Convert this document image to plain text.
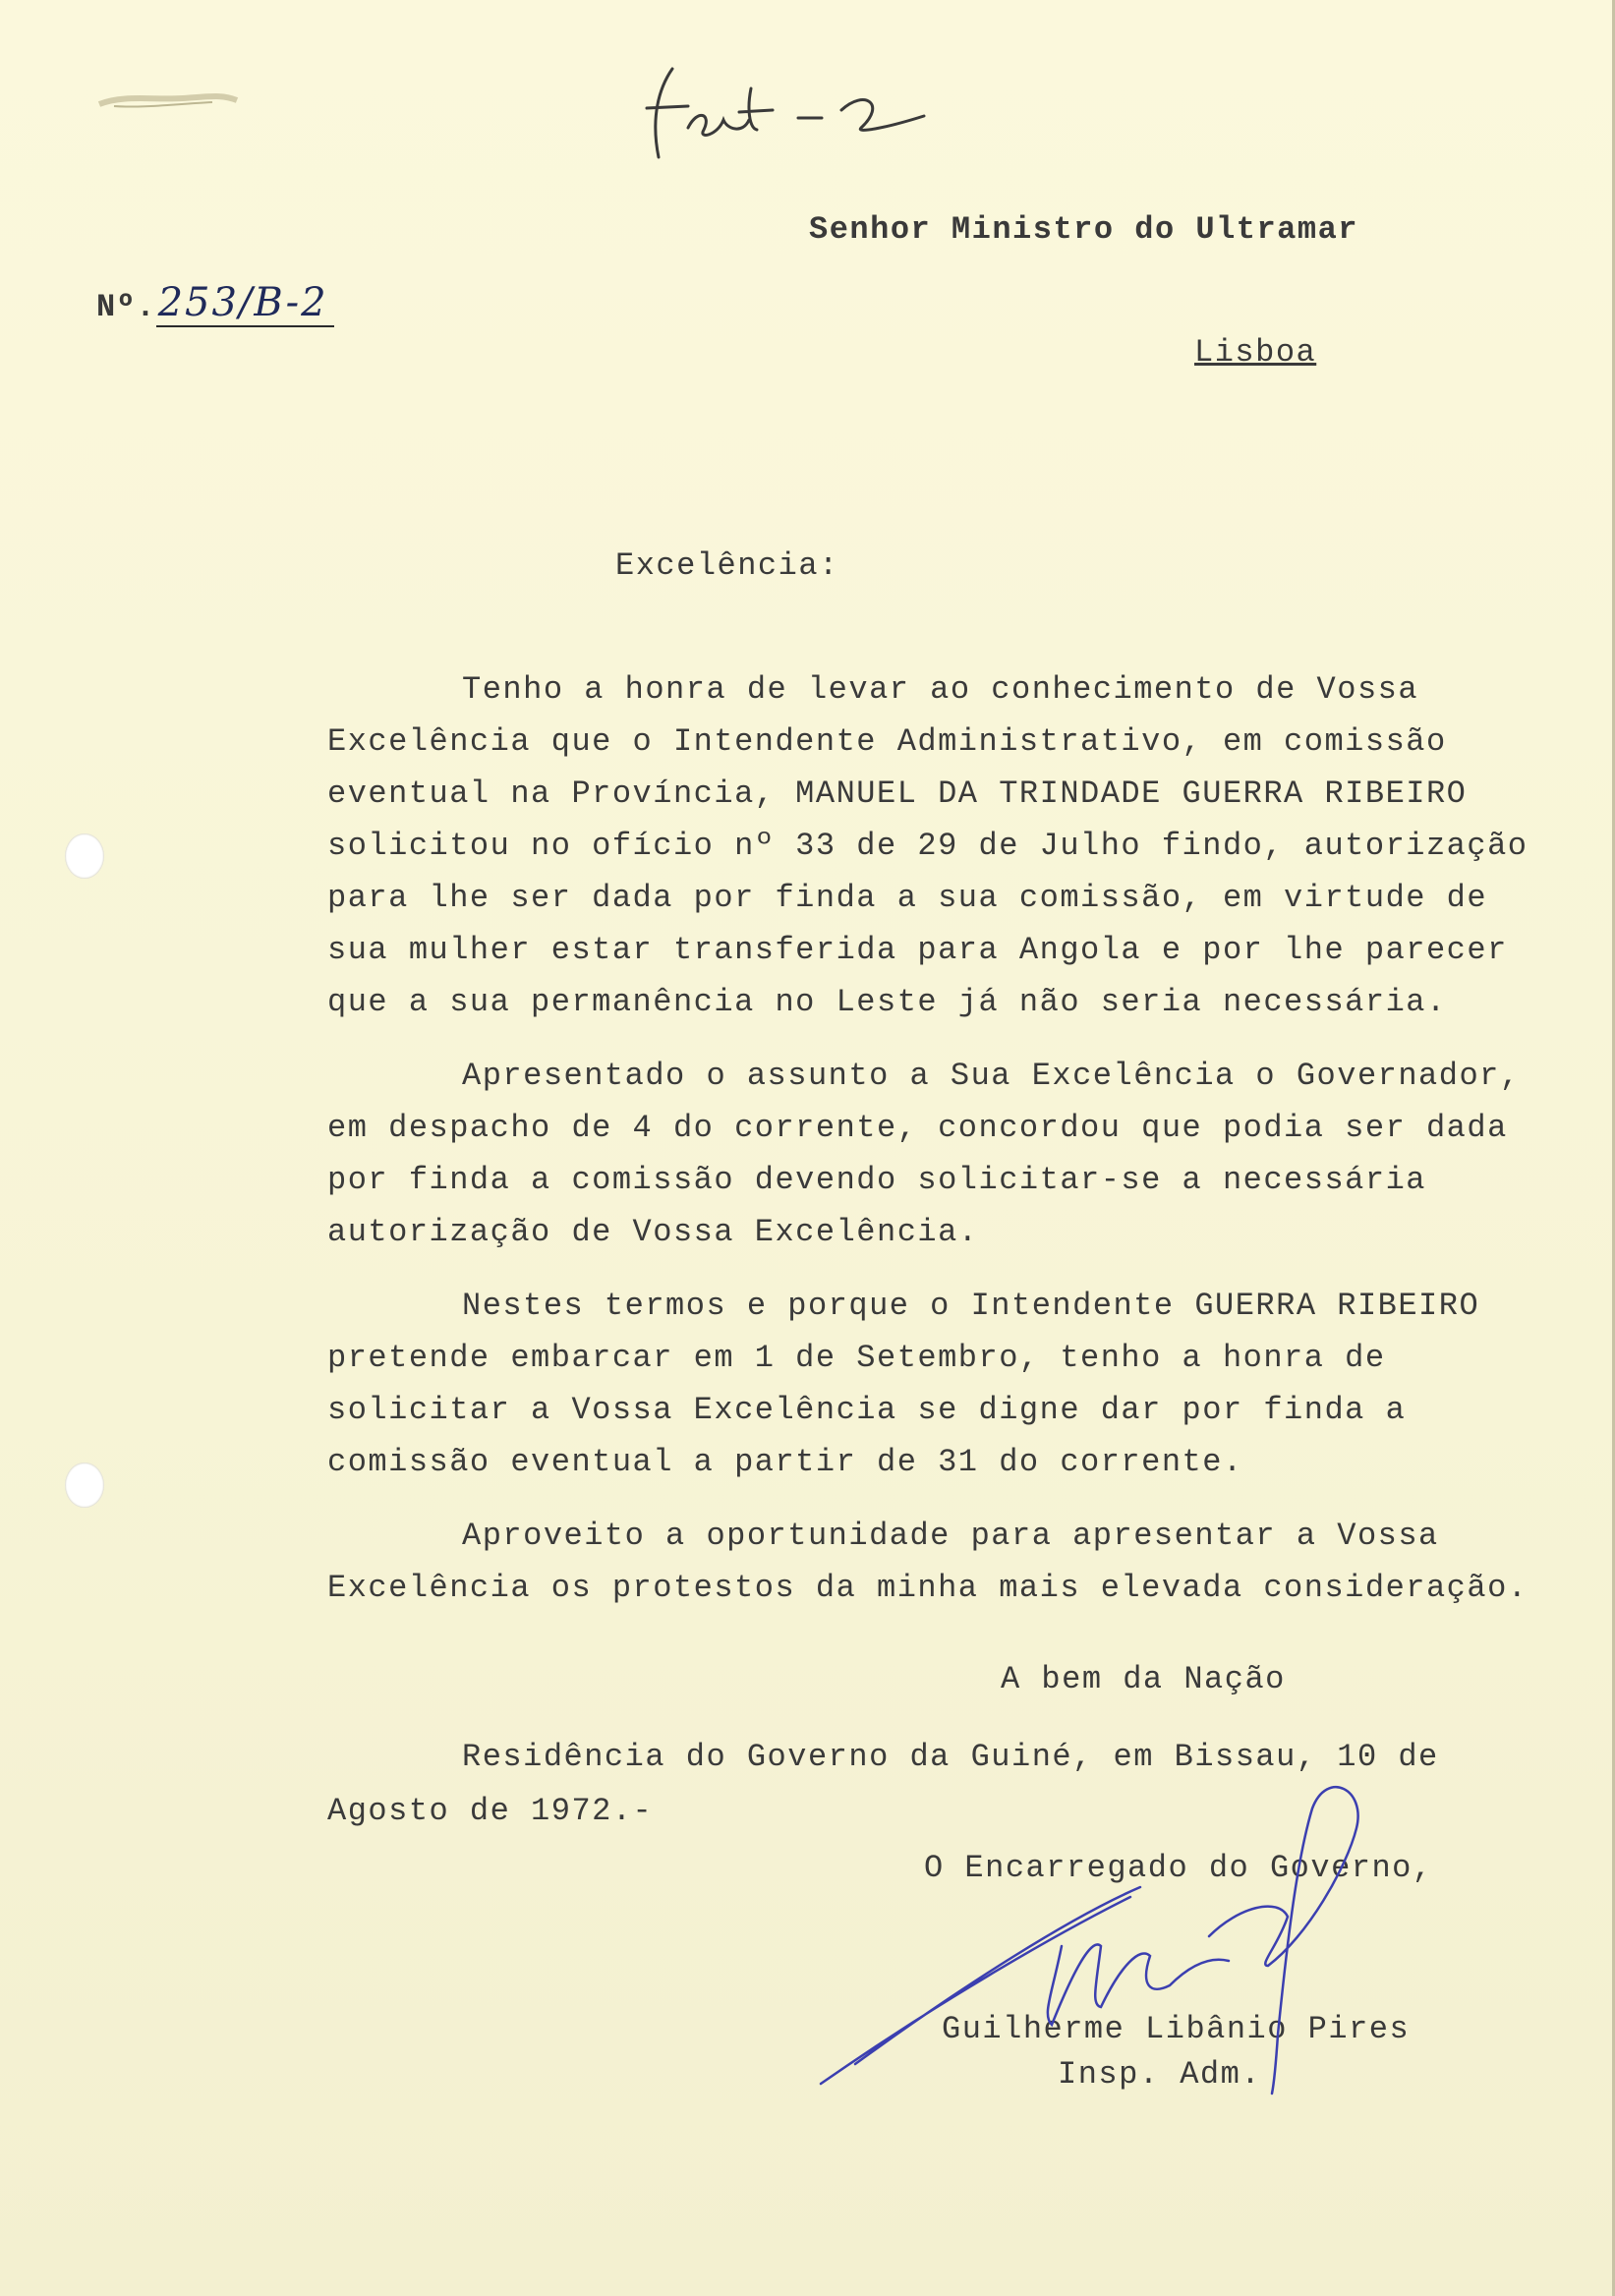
Nº.253/B-2
Senhor Ministro do Ultramar
Lisboa
Excelência:

Tenho a honra de levar ao conhecimento de Vossa Excelência que o Intendente Administrativo, em comissão eventual na Província, MANUEL DA TRINDADE GUERRA RIBEIRO solicitou no ofício nº 33 de 29 de Julho findo, autorização para lhe ser dada por finda a sua comissão, em virtude de sua mulher estar transferida para Angola e por lhe parecer que a sua permanência no Leste já não seria necessária.

Apresentado o assunto a Sua Excelência o Governador, em despacho de 4 do corrente, concordou que podia ser dada por finda a comissão devendo solicitar-se a necessária autorização de Vossa Excelência.

Nestes termos e porque o Intendente GUERRA RIBEIRO pretende embarcar em 1 de Setembro, tenho a honra de solicitar a Vossa Excelência se digne dar por finda a comissão eventual a partir de 31 do corrente.

Aproveito a oportunidade para apresentar a Vossa Excelência os protestos da minha mais elevada consideração.

A bem da Nação

Residência do Governo da Guiné, em Bissau, 10 de Agosto de 1972.-

O Encarregado do Governo,
Guilherme Libânio Pires
Insp. Adm.
